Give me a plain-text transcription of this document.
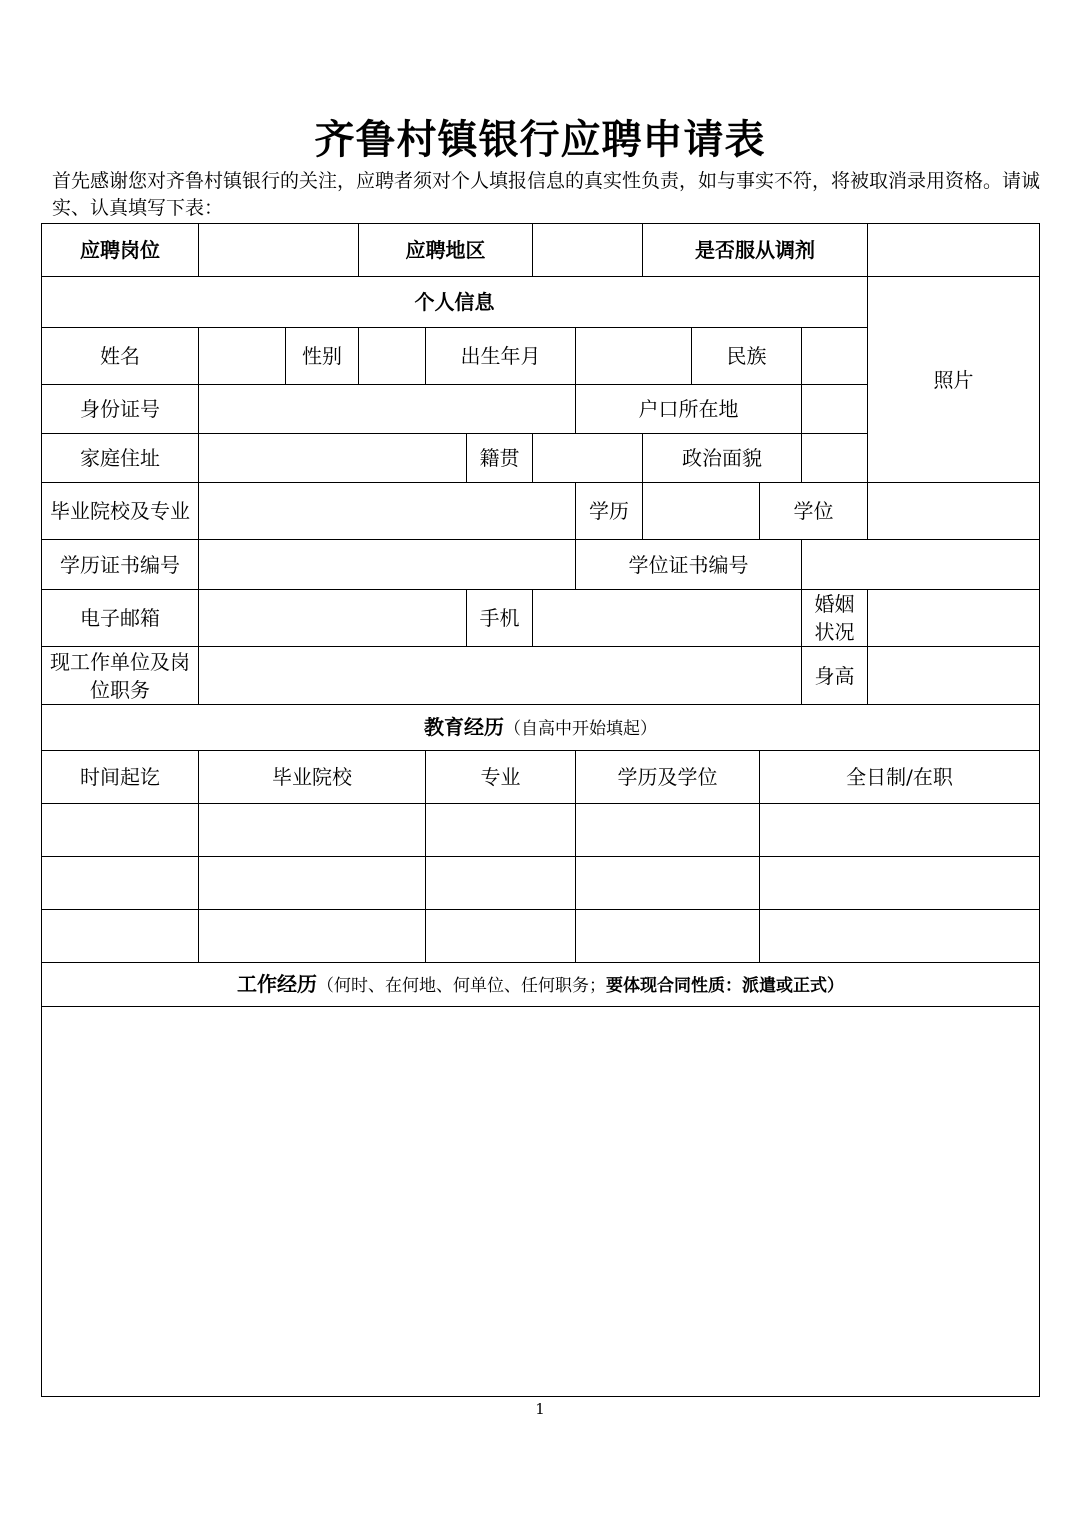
齐鲁村镇银行应聘申请表
首先感谢您对齐鲁村镇银行的关注，应聘者须对个人填报信息的真实性负责，如与事实不符，将被取消录用资格。请诚实、认真填写下表：
应聘岗位			应聘地区					是否服从调剂				
个人信息												照片
姓名		性别		出生年月					民族			
身份证号							户口所在地					
家庭住址					籍贯			政治面貌				
毕业院校及专业							学历			学位		
学历证书编号							学位证书编号					
电子邮箱					手机						婚姻状况	
现工作单位及岗位职务											身高	
教育经历（自高中开始填起）												
时间起讫	毕业院校			专业			学历及学位			全日制/在职		

工作经历（何时、在何地、何单位、任何职务；要体现合同性质：派遣或正式）												

1
